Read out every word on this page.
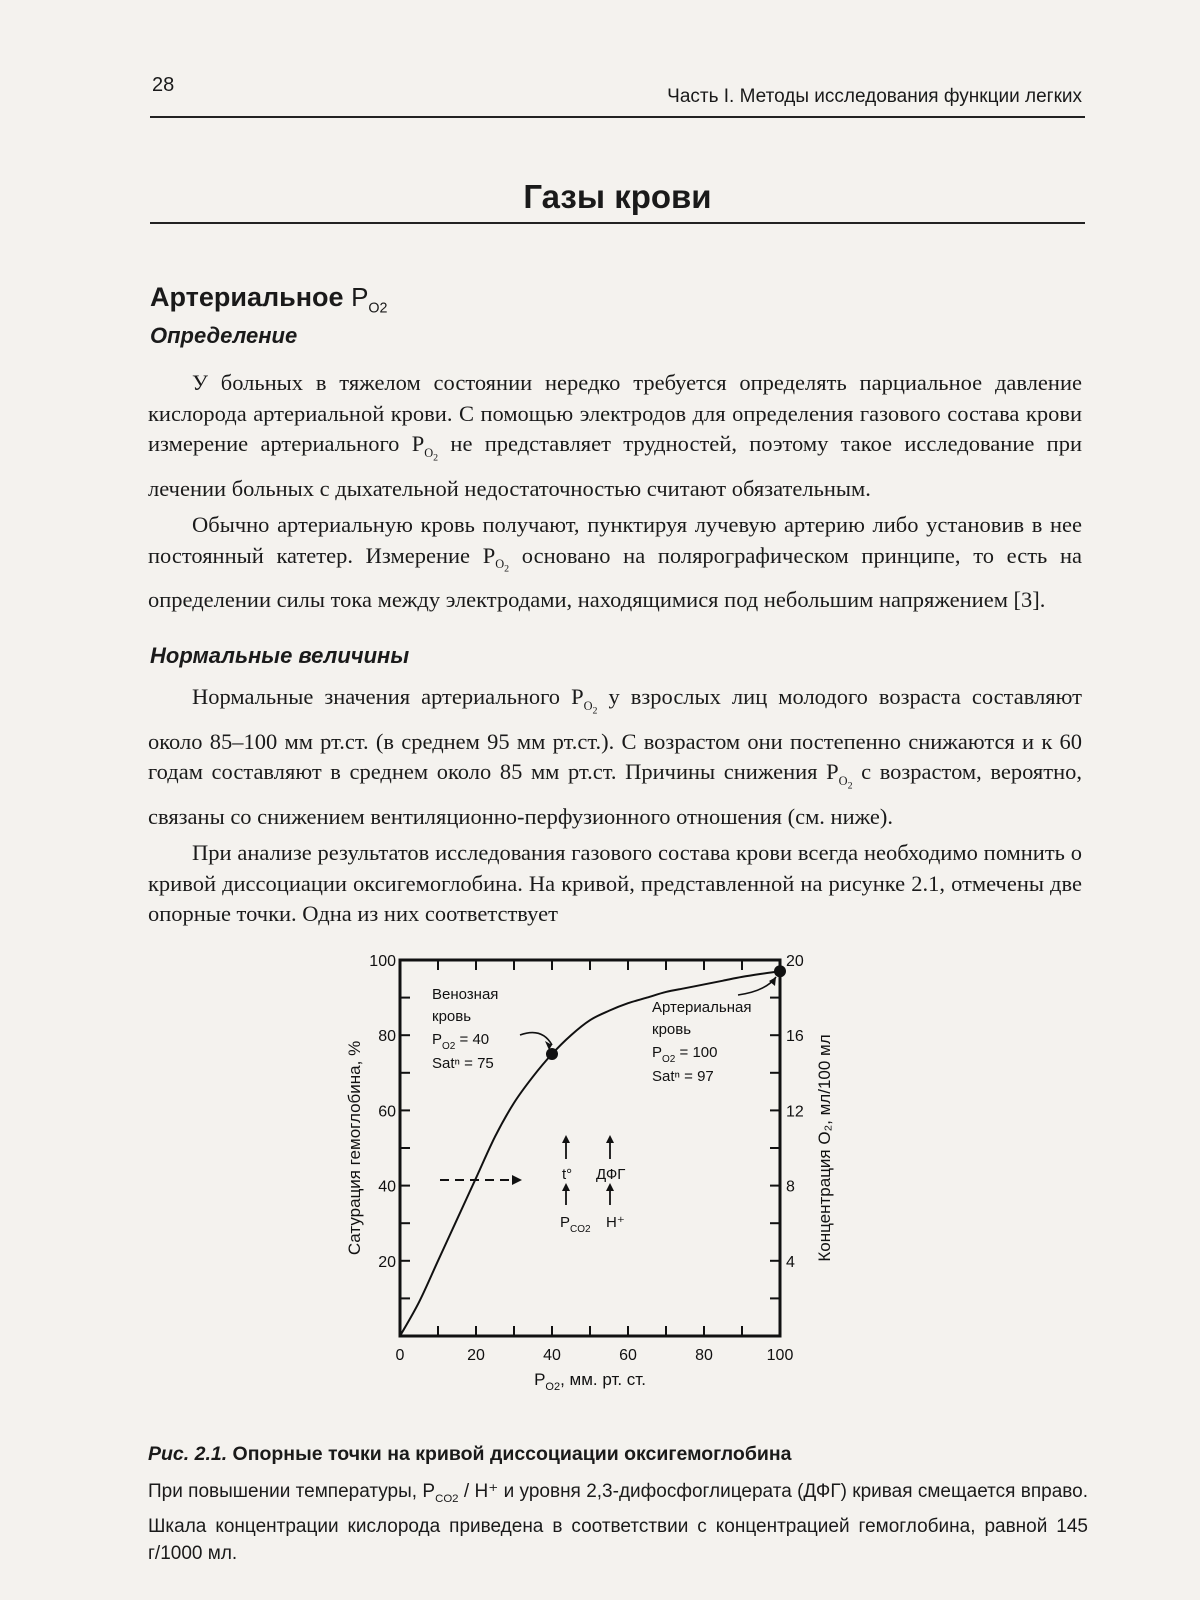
28
Часть I. Методы исследования функции легких
Газы крови
Артериальное $P_{O2}$
Определение

У больных в тяжелом состоянии нередко требуется определять парциальное давление кислорода артериальной крови. С помощью электродов для определения газового состава крови измерение артериального $P_{O_2}$ не представляет трудностей, поэтому такое исследование при лечении больных с дыхательной недостаточностью считают обязательным.

Обычно артериальную кровь получают, пунктируя лучевую артерию либо установив в нее постоянный катетер. Измерение $P_{O_2}$ основано на полярографическом принципе, то есть на определении силы тока между электродами, находящимися под небольшим напряжением [3].

Нормальные величины

Нормальные значения артериального $P_{O_2}$ у взрослых лиц молодого возраста составляют около 85–100 мм рт.ст. (в среднем 95 мм рт.ст.). С возрастом они постепенно снижаются и к 60 годам составляют в среднем около 85 мм рт.ст. Причины снижения $P_{O_2}$ с возрастом, вероятно, связаны со снижением вентиляционно-перфузионного отношения (см. ниже).

При анализе результатов исследования газового состава крови всегда необходимо помнить о кривой диссоциации оксигемоглобина. На кривой, представленной на рисунке 2.1, отмечены две опорные точки. Одна из них соответствует

0	20	40	60	80	100
20
40
60
80
100
4
8
12
16
20
Сатурация гемоглобина, %	Концентрация O₂, мл/100 мл
$P_{O2}$, мм. рт. ст.
Венозная
кровь
$P_{O2} = 40$
Satⁿ = 75
Артериальная
кровь
$P_{O2} = 100$
Satⁿ = 97
t° ДФГ
$P_{CO2}$ H⁺
Рис. 2.1. Опорные точки на кривой диссоциации оксигемоглобина
При повышении температуры, $P_{CO2} / H^+$ и уровня 2,3-дифосфоглицерата (ДФГ) кривая смещается вправо. Шкала концентрации кислорода приведена в соответствии с концентрацией гемоглобина, равной 145 г/1000 мл.
